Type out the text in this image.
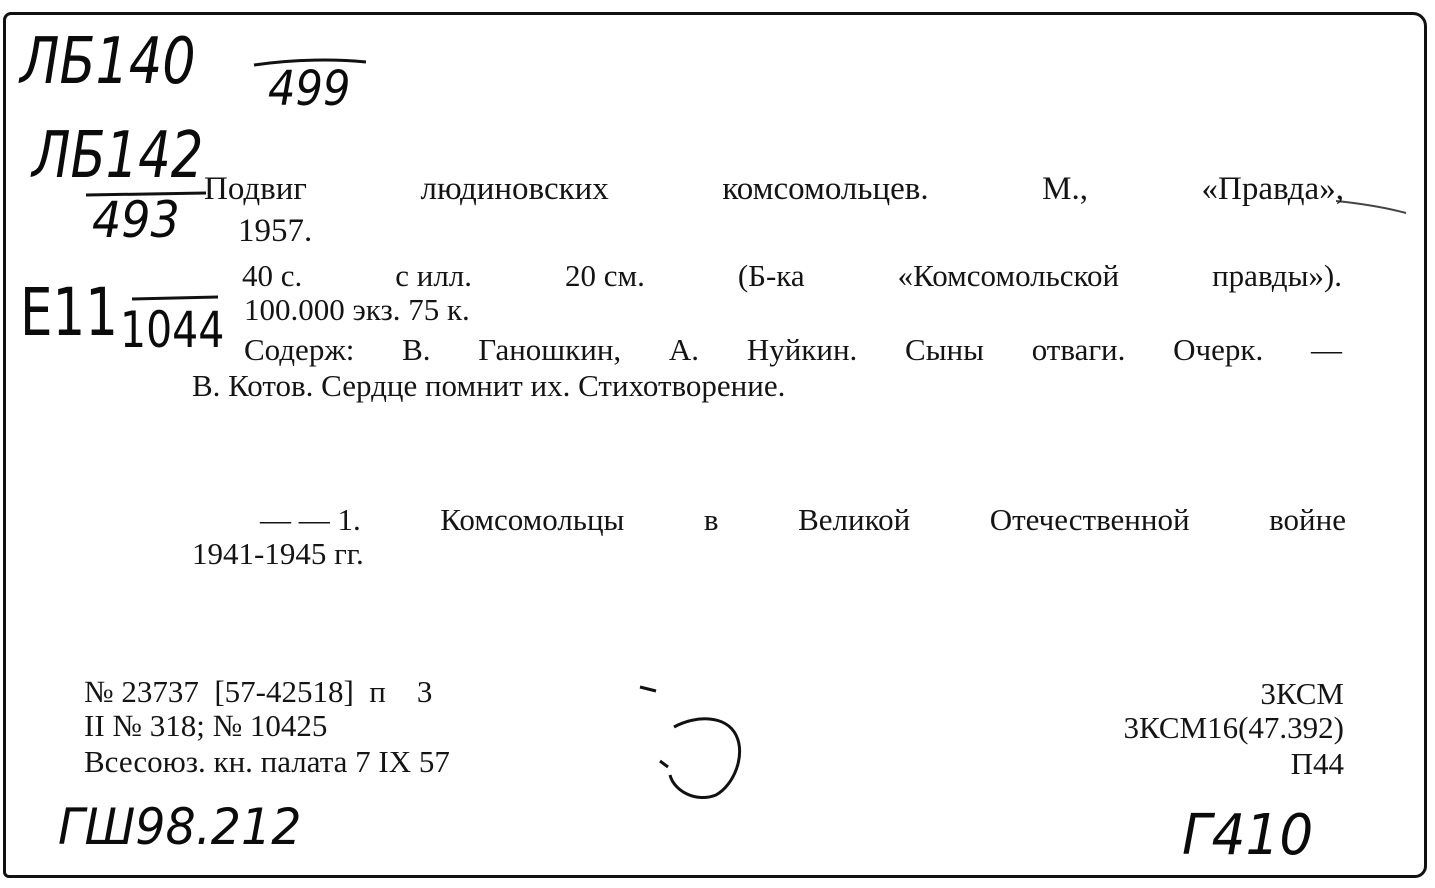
ЛБ140 499
ЛБ142
493
Е11 1044
Подвиг	людиновских	комсомольцев.	М.,	«Правда»,
1957.
40 с.	с илл.	20 см.	(Б-ка	«Комсомольской	правды»).
100.000 экз. 75 к.
Содерж: В. Ганошкин, А. Нуйкин. Сыны отваги. Очерк. —
В. Котов. Сердце помнит их. Стихотворение.
— — 1.	Комсомольцы	в	Великой	Отечественной	войне
1941-1945 гг.
№ 23737  [57-42518]  п    3
II № 318; № 10425
Всесоюз. кн. палата 7 IX 57
3КСМ
3КСМ16(47.392)
П44
ГШ98.212	Г410
